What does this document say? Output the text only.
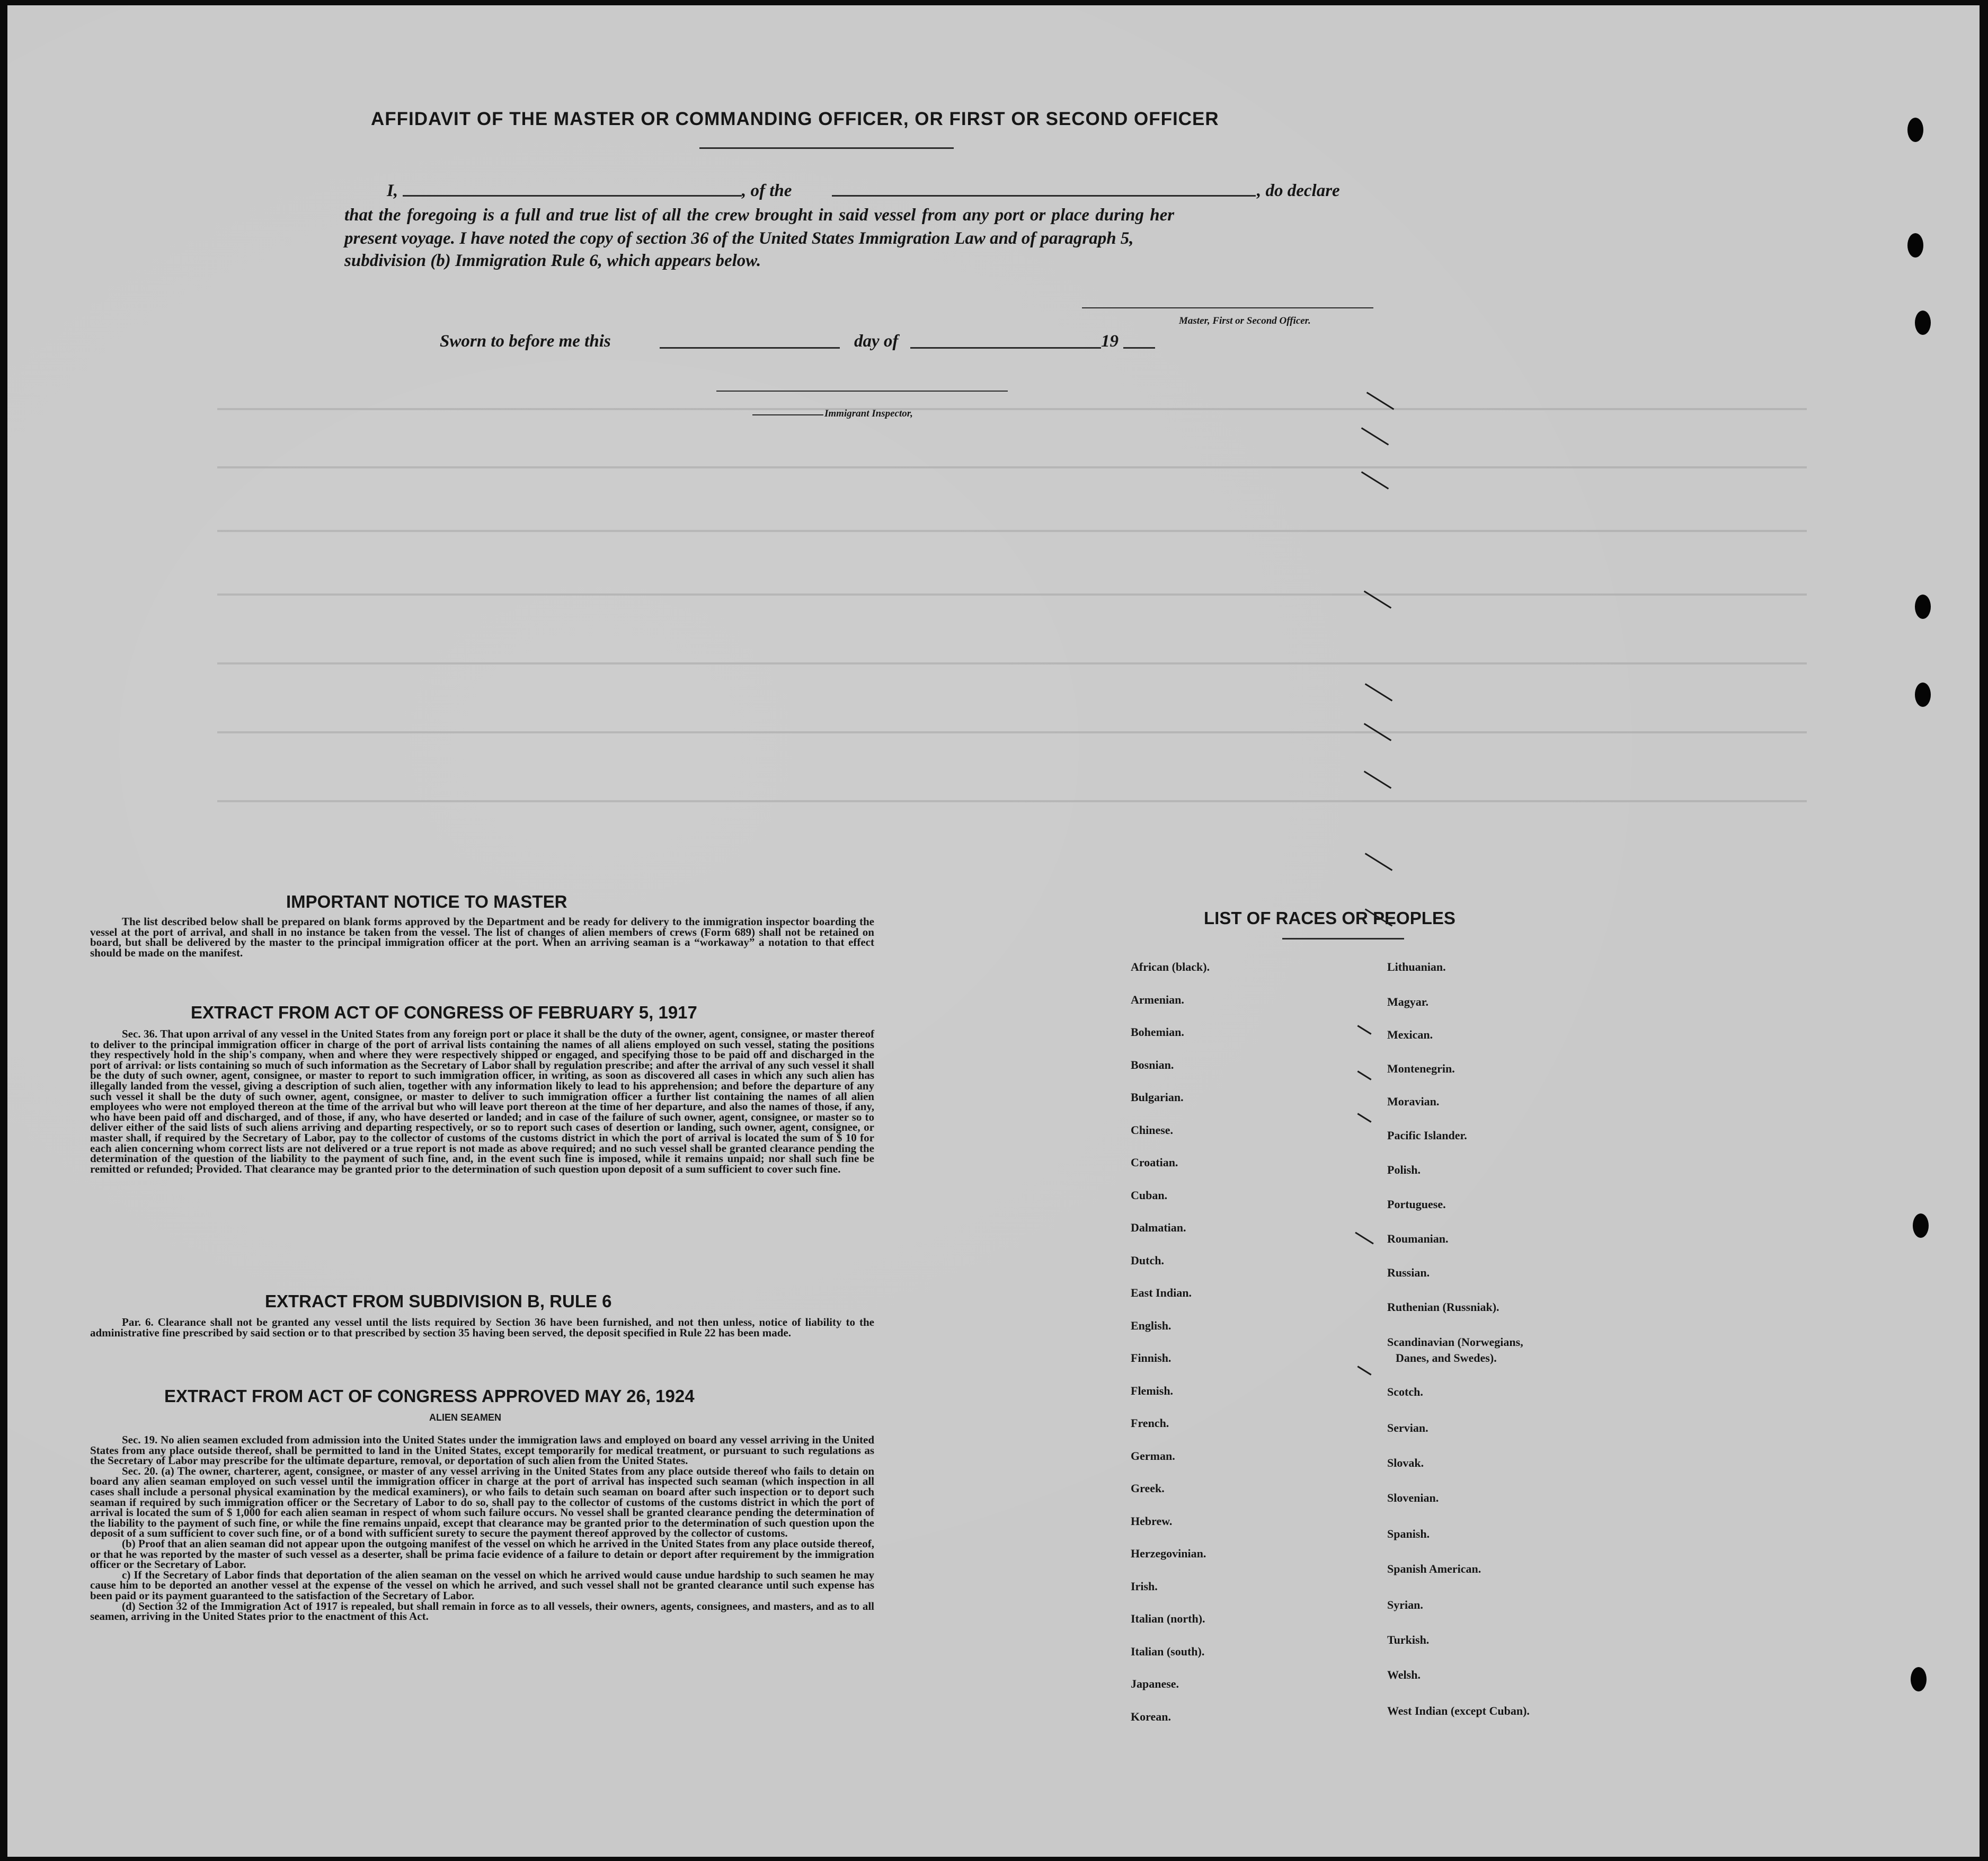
AFFIDAVIT OF THE MASTER OR COMMANDING OFFICER, OR FIRST OR SECOND OFFICER
I,	, of the	, do declare
that the foregoing is a full and true list of all the crew brought in said vessel from any port or place during her
present voyage. I have noted the copy of section 36 of the United States Immigration Law and of paragraph 5,
subdivision (b) Immigration Rule 6, which appears below.
Master, First or Second Officer.
Sworn to before me this	day of	19
Immigrant Inspector,
IMPORTANT NOTICE TO MASTER

The list described below shall be prepared on blank forms approved by the Department and be ready for delivery to the immigration inspector boarding the vessel at the port of arrival, and shall in no instance be taken from the vessel. The list of changes of alien members of crews (Form 689) shall not be retained on board, but shall be delivered by the master to the principal immigration officer at the port. When an arriving seaman is a “workaway” a notation to that effect should be made on the manifest.

EXTRACT FROM ACT OF CONGRESS OF FEBRUARY 5, 1917

Sec. 36. That upon arrival of any vessel in the United States from any foreign port or place it shall be the duty of the owner, agent, consignee, or master thereof to deliver to the principal immigration officer in charge of the port of arrival lists containing the names of all aliens employed on such vessel, stating the positions they respectively hold in the ship's company, when and where they were respectively shipped or engaged, and specifying those to be paid off and discharged in the port of arrival: or lists containing so much of such information as the Secretary of Labor shall by regulation prescribe; and after the arrival of any such vessel it shall be the duty of such owner, agent, consignee, or master to report to such immigration officer, in writing, as soon as discovered all cases in which any such alien has illegally landed from the vessel, giving a description of such alien, together with any information likely to lead to his apprehension; and before the departure of any such vessel it shall be the duty of such owner, agent, consignee, or master to deliver to such immigration officer a further list containing the names of all alien employees who were not employed thereon at the time of the arrival but who will leave port thereon at the time of her departure, and also the names of those, if any, who have been paid off and discharged, and of those, if any, who have deserted or landed; and in case of the failure of such owner, agent, consignee, or master so to deliver either of the said lists of such aliens arriving and departing respectively, or so to report such cases of desertion or landing, such owner, agent, consignee, or master shall, if required by the Secretary of Labor, pay to the collector of customs of the customs district in which the port of arrival is located the sum of $ 10 for each alien concerning whom correct lists are not delivered or a true report is not made as above required; and no such vessel shall be granted clearance pending the determination of the question of the liability to the payment of such fine, and, in the event such fine is imposed, while it remains unpaid; nor shall such fine be remitted or refunded; Provided. That clearance may be granted prior to the determination of such question upon deposit of a sum sufficient to cover such fine.

EXTRACT FROM SUBDIVISION B, RULE 6

Par. 6. Clearance shall not be granted any vessel until the lists required by Section 36 have been furnished, and not then unless, notice of liability to the administrative fine prescribed by said section or to that prescribed by section 35 having been served, the deposit specified in Rule 22 has been made.

EXTRACT FROM ACT OF CONGRESS APPROVED MAY 26, 1924
ALIEN SEAMEN

Sec. 19. No alien seamen excluded from admission into the United States under the immigration laws and employed on board any vessel arriving in the United States from any place outside thereof, shall be permitted to land in the United States, except temporarily for medical treatment, or pursuant to such regulations as the Secretary of Labor may prescribe for the ultimate departure, removal, or deportation of such alien from the United States.

Sec. 20. (a) The owner, charterer, agent, consignee, or master of any vessel arriving in the United States from any place outside thereof who fails to detain on board any alien seaman employed on such vessel until the immigration officer in charge at the port of arrival has inspected such seaman (which inspection in all cases shall include a personal physical examination by the medical examiners), or who fails to detain such seaman on board after such inspection or to deport such seaman if required by such immigration officer or the Secretary of Labor to do so, shall pay to the collector of customs of the customs district in which the port of arrival is located the sum of $ 1,000 for each alien seaman in respect of whom such failure occurs. No vessel shall be granted clearance pending the determination of the liability to the payment of such fine, or while the fine remains unpaid, except that clearance may be granted prior to the determination of such question upon the deposit of a sum sufficient to cover such fine, or of a bond with sufficient surety to secure the payment thereof approved by the collector of customs.

(b) Proof that an alien seaman did not appear upon the outgoing manifest of the vessel on which he arrived in the United States from any place outside thereof, or that he was reported by the master of such vessel as a deserter, shall be prima facie evidence of a failure to detain or deport after requirement by the immigration officer or the Secretary of Labor.

c) If the Secretary of Labor finds that deportation of the alien seaman on the vessel on which he arrived would cause undue hardship to such seamen he may cause him to be deported an another vessel at the expense of the vessel on which he arrived, and such vessel shall not be granted clearance until such expense has been paid or its payment guaranteed to the satisfaction of the Secretary of Labor.

(d) Section 32 of the Immigration Act of 1917 is repealed, but shall remain in force as to all vessels, their owners, agents, consignees, and masters, and as to all seamen, arriving in the United States prior to the enactment of this Act.

LIST OF RACES OR PEOPLES
African (black).
Armenian.
Bohemian.
Bosnian.
Bulgarian.
Chinese.
Croatian.
Cuban.
Dalmatian.
Dutch.
East Indian.
English.
Finnish.
Flemish.
French.
German.
Greek.
Hebrew.
Herzegovinian.
Irish.
Italian (north).
Italian (south).
Japanese.
Korean.
Lithuanian.
Magyar.
Mexican.
Montenegrin.
Moravian.
Pacific Islander.
Polish.
Portuguese.
Roumanian.
Russian.
Ruthenian (Russniak).
Scandinavian (Norwegians,
Danes, and Swedes).
Scotch.
Servian.
Slovak.
Slovenian.
Spanish.
Spanish American.
Syrian.
Turkish.
Welsh.
West Indian (except Cuban).
